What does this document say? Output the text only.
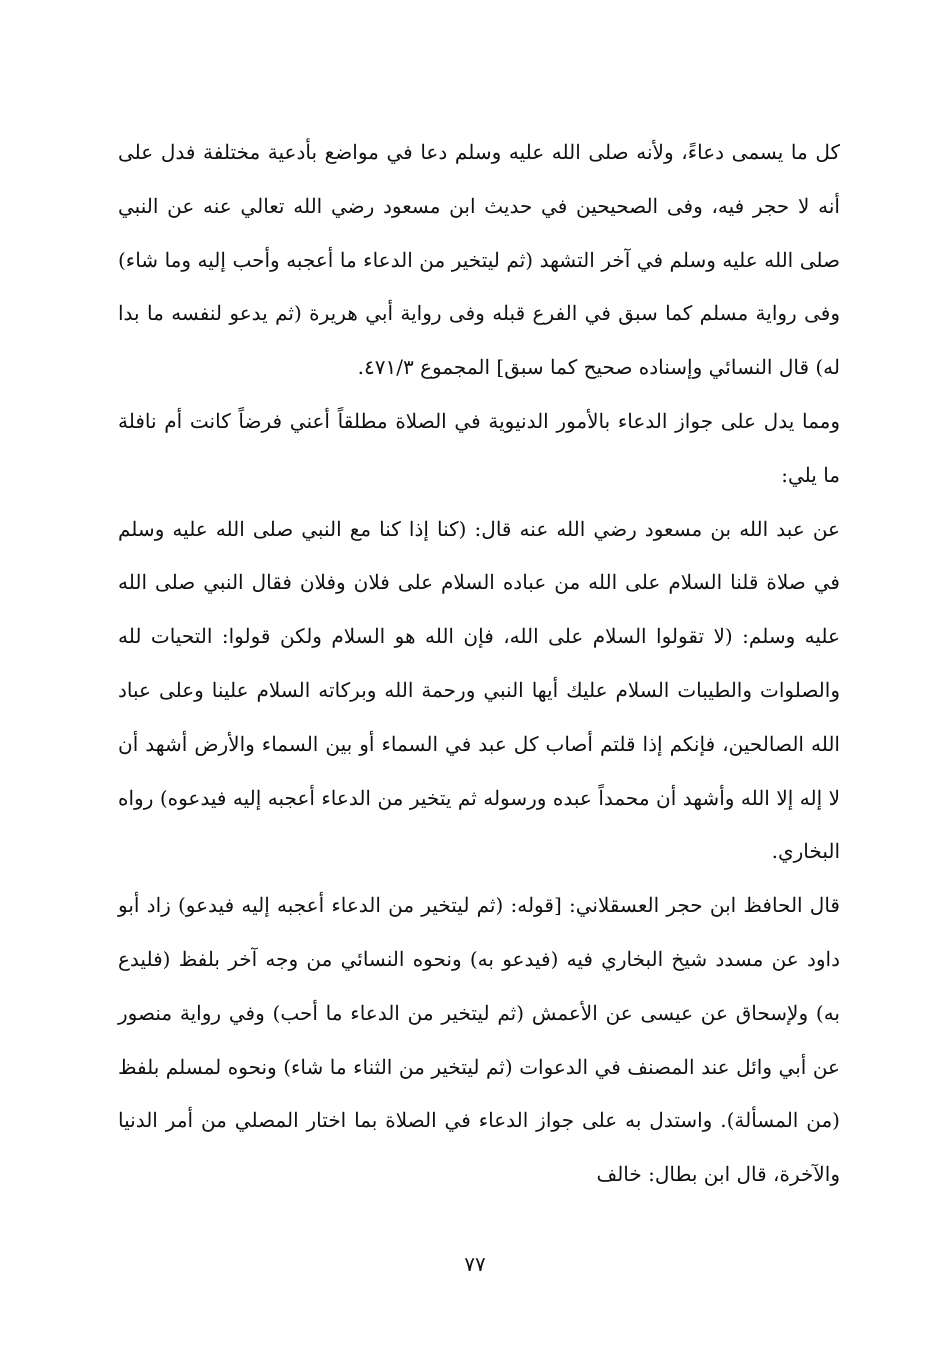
كل ما يسمى دعاءً، ولأنه صلى الله عليه وسلم دعا في مواضع بأدعية مختلفة فدل على أنه لا حجر فيه، وفى الصحيحين في حديث ابن مسعود رضي الله تعالي عنه عن النبي صلى الله عليه وسلم في آخر التشهد (ثم ليتخير من الدعاء ما أعجبه وأحب إليه وما شاء) وفى رواية مسلم كما سبق في الفرع قبله وفى رواية أبي هريرة (ثم يدعو لنفسه ما بدا له) قال النسائي وإسناده صحيح كما سبق] المجموع ٤٧١/٣.

ومما يدل على جواز الدعاء بالأمور الدنيوية في الصلاة مطلقاً أعني فرضاً كانت أم نافلة ما يلي:

عن عبد الله بن مسعود رضي الله عنه قال: (كنا إذا كنا مع النبي صلى الله عليه وسلم في صلاة قلنا السلام على الله من عباده السلام على فلان وفلان فقال النبي صلى الله عليه وسلم: (لا تقولوا السلام على الله، فإن الله هو السلام ولكن قولوا: التحيات لله والصلوات والطيبات السلام عليك أيها النبي ورحمة الله وبركاته السلام علينا وعلى عباد الله الصالحين، فإنكم إذا قلتم أصاب كل عبد في السماء أو بين السماء والأرض أشهد أن لا إله إلا الله وأشهد أن محمداً عبده ورسوله ثم يتخير من الدعاء أعجبه إليه فيدعوه) رواه البخاري.

قال الحافظ ابن حجر العسقلاني: [قوله: (ثم ليتخير من الدعاء أعجبه إليه فيدعو) زاد أبو داود عن مسدد شيخ البخاري فيه (فيدعو به) ونحوه النسائي من وجه آخر بلفظ (فليدع به) ولإسحاق عن عيسى عن الأعمش (ثم ليتخير من الدعاء ما أحب) وفي رواية منصور عن أبي وائل عند المصنف في الدعوات (ثم ليتخير من الثناء ما شاء) ونحوه لمسلم بلفظ (من المسألة). واستدل به على جواز الدعاء في الصلاة بما اختار المصلي من أمر الدنيا والآخرة، قال ابن بطال: خالف

٧٧
